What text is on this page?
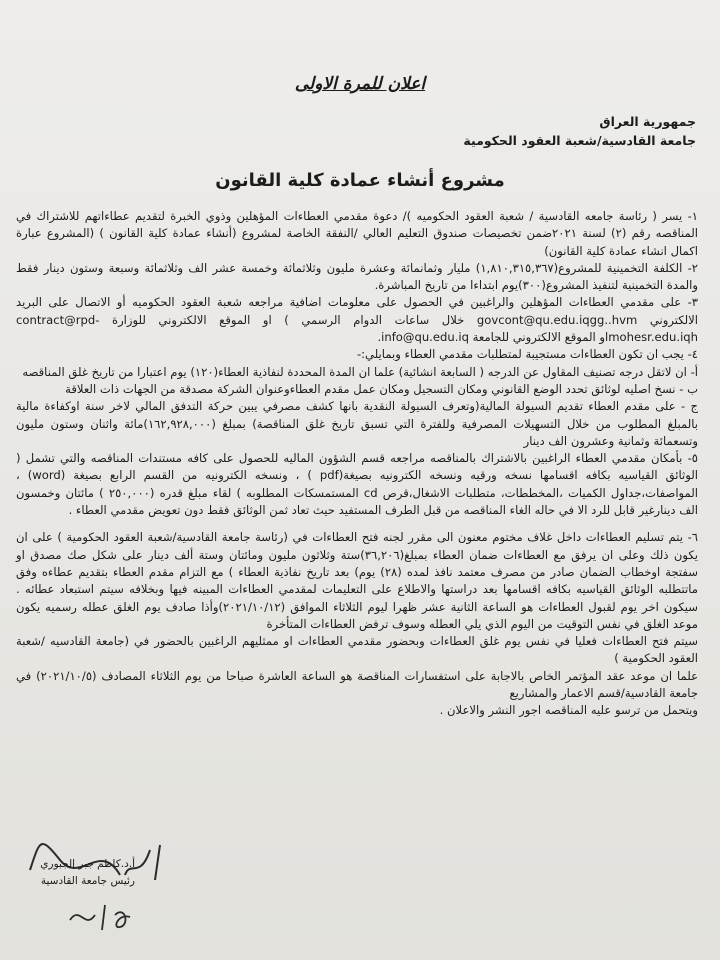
اعلان للمرة الاولى
جمهورية العراق
جامعة القادسية/شعبة العقود الحكومية
مشروع أنشاء عمادة كلية القانون

١- يسر ( رئاسة جامعه القادسية / شعبة العقود الحكوميه )/ دعوة مقدمي العطاءات المؤهلين وذوي الخبرة لتقديم عطاءاتهم للاشتراك في المناقصه رقم (٢) لسنة ٢٠٢١ضمن تخصيصات صندوق التعليم العالي /النفقة الخاصة لمشروع (أنشاء عمادة كلية القانون ) (المشروع عبارة اكمال انشاء عمادة كلية القانون)

٢- الكلفة التخمينية للمشروع(١,٨١٠,٣١٥,٣٦٧) مليار وثمانمائة وعشرة مليون وثلاثمائة وخمسة عشر الف وثلاثمائة وسبعة وستون دينار فقط والمدة التخمينية لتنفيذ المشروع(٣٠٠)يوم ابتداءا من تاريخ المباشرة.

٣- على مقدمي العطاءات المؤهلين والراغبين في الحصول على معلومات اضافية مراجعه شعبة العقود الحكوميه أو الاتصال على البريد الالكتروني govcont@qu.edu.iqgg..hvm خلال ساعات الدوام الرسمي ) او الموقع الالكتروني للوزارة contract@rpd-mohesr.edu.iqhاو الموقع الالكتروني للجامعة info@qu.edu.iq.

٤- يجب ان تكون العطاءات مستجيبة لمتطلبات مقدمي العطاء وبمايلي:-

أ- ان لاتقل درجه تصنيف المقاول عن الدرجه ( السابعة انشائية) علما ان المدة المحددة لنفاذية العطاء(١٢٠) يوم اعتبارا من تاريخ غلق المناقصه

ب - نسخ اصليه لوثائق تحدد الوضع القانوني ومكان التسجيل ومكان عمل مقدم العطاءوعنوان الشركة مصدقة من الجهات ذات العلاقة

ج - على مقدم العطاء تقديم السيولة المالية(وتعرف السيولة النقدية بانها كشف مصرفي يبين حركة التدفق المالي لاخر سنة اوكفاءة مالية بالمبلغ المطلوب من خلال التسهيلات المصرفية وللفترة التي تسبق تاريخ غلق المناقصة) بمبلغ (١٦٢,٩٢٨,٠٠٠)مائة واثنان وستون مليون وتسعمائة وثمانية وعشرون الف دينار

٥- بأمكان مقدمي العطاء الراغبين بالاشتراك بالمناقصه مراجعه قسم الشؤون الماليه للحصول على كافه مستندات المناقصه والتي تشمل ( الوثائق القياسيه بكافه اقسامها نسخه ورقيه ونسخه الكترونيه بصيغة(pdf ) ، ونسخه الكترونيه من القسم الرابع بصيغة (word) ، المواصفات،جداول الكميات ،المخططات، متطلبات الاشغال،قرص cd المستمسكات المطلوبه ) لقاء مبلغ قدره (٢٥٠,٠٠٠ ) مائتان وخمسون الف دينارغير قابل للرد الا في حاله الغاء المناقصه من قبل الطرف المستفيد حيث تعاد ثمن الوثائق فقط دون تعويض مقدمي العطاء .

٦- يتم تسليم العطاءات داخل غلاف مختوم معنون الى مقرر لجنه فتح العطاءات في (رئاسة جامعة القادسية/شعبة العقود الحكومية ) على ان يكون ذلك وعلى ان يرفق مع العطاءات ضمان العطاء بمبلغ(٣٦,٢٠٦)ستة وثلاثون مليون ومائتان وستة ألف دينار على شكل صك مصدق او سفتجة اوخطاب الضمان صادر من مصرف معتمد نافذ لمده (٢٨) يوم) بعد تاريخ نفاذية العطاء ) مع التزام مقدم العطاء بتقديم عطاءه وفق ماتتطلبه الوثائق القياسيه بكافه اقسامها بعد دراستها والاطلاع على التعليمات لمقدمي العطاءات المبينه فيها وبخلافه سيتم استبعاد عطائه . سيكون اخر يوم لقبول العطاءات هو الساعة الثانية عشر ظهرا ليوم الثلاثاء الموافق (٢٠٢١/١٠/١٢)وأذا صادف يوم الغلق عطله رسميه يكون موعد الغلق في نفس التوقيت من اليوم الذي يلي العطله وسوف ترفض العطاءات المتأخرة

سيتم فتح العطاءات فعليا في نفس يوم غلق العطاءات وبحضور مقدمي العطاءات او ممثليهم الراغبين بالحضور في (جامعة القادسيه /شعبة العقود الحكومية )

علما ان موعد عقد المؤتمر الخاص بالاجابة على استفسارات المناقصة هو الساعة العاشرة صباحا من يوم الثلاثاء المصادف (٢٠٢١/١٠/٥) في جامعة القادسية/قسم الاعمار والمشاريع

ويتحمل من ترسو عليه المناقصه اجور النشر والاعلان .

أ.د.كاظم جبر الجبوري
رئيس جامعة القادسية
